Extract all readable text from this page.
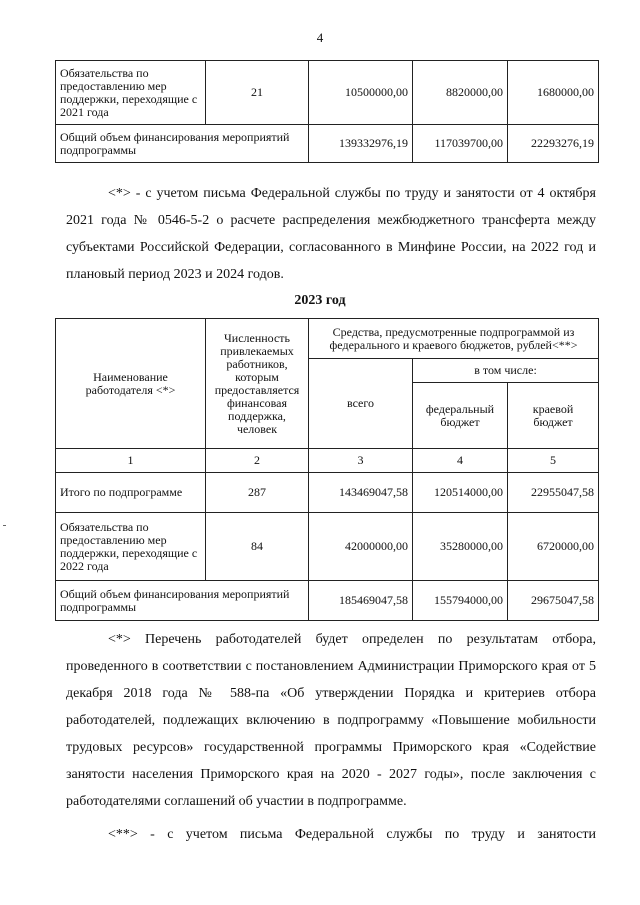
4
Обязательства по предоставлению мер поддержки, переходящие с 2021 года	21	10500000,00	8820000,00	1680000,00
Общий объем финансирования мероприятий подпрограммы		139332976,19	117039700,00	22293276,19

<*> - с учетом письма Федеральной службы по труду и занятости от 4 октября 2021 года № 0546-5-2 о расчете распределения межбюджетного трансферта между субъектами Российской Федерации, согласованного в Минфине России, на 2022 год и плановый период 2023 и 2024 годов.

2023 год
Наименование работодателя <*>	Численность привлекаемых работников, которым предоставляется финансовая поддержка, человек	Средства, предусмотренные подпрограммой из федерального и краевого бюджетов, рублей<**>		
		всего	в том числе:	
			федеральный бюджет	краевой бюджет
1	2	3	4	5
Итого по подпрограмме	287	143469047,58	120514000,00	22955047,58
Обязательства по предоставлению мер поддержки, переходящие с 2022 года	84	42000000,00	35280000,00	6720000,00
Общий объем финансирования мероприятий подпрограммы		185469047,58	155794000,00	29675047,58

<*> Перечень работодателей будет определен по результатам отбора, проведенного в соответствии с постановлением Администрации Приморского края от 5 декабря 2018 года № 588-па «Об утверждении Порядка и критериев отбора работодателей, подлежащих включению в подпрограмму «Повышение мобильности трудовых ресурсов» государственной программы Приморского края «Содействие занятости населения Приморского края на 2020 - 2027 годы», после заключения с работодателями соглашений об участии в подпрограмме.

<**> - с учетом письма Федеральной службы по труду и занятости
